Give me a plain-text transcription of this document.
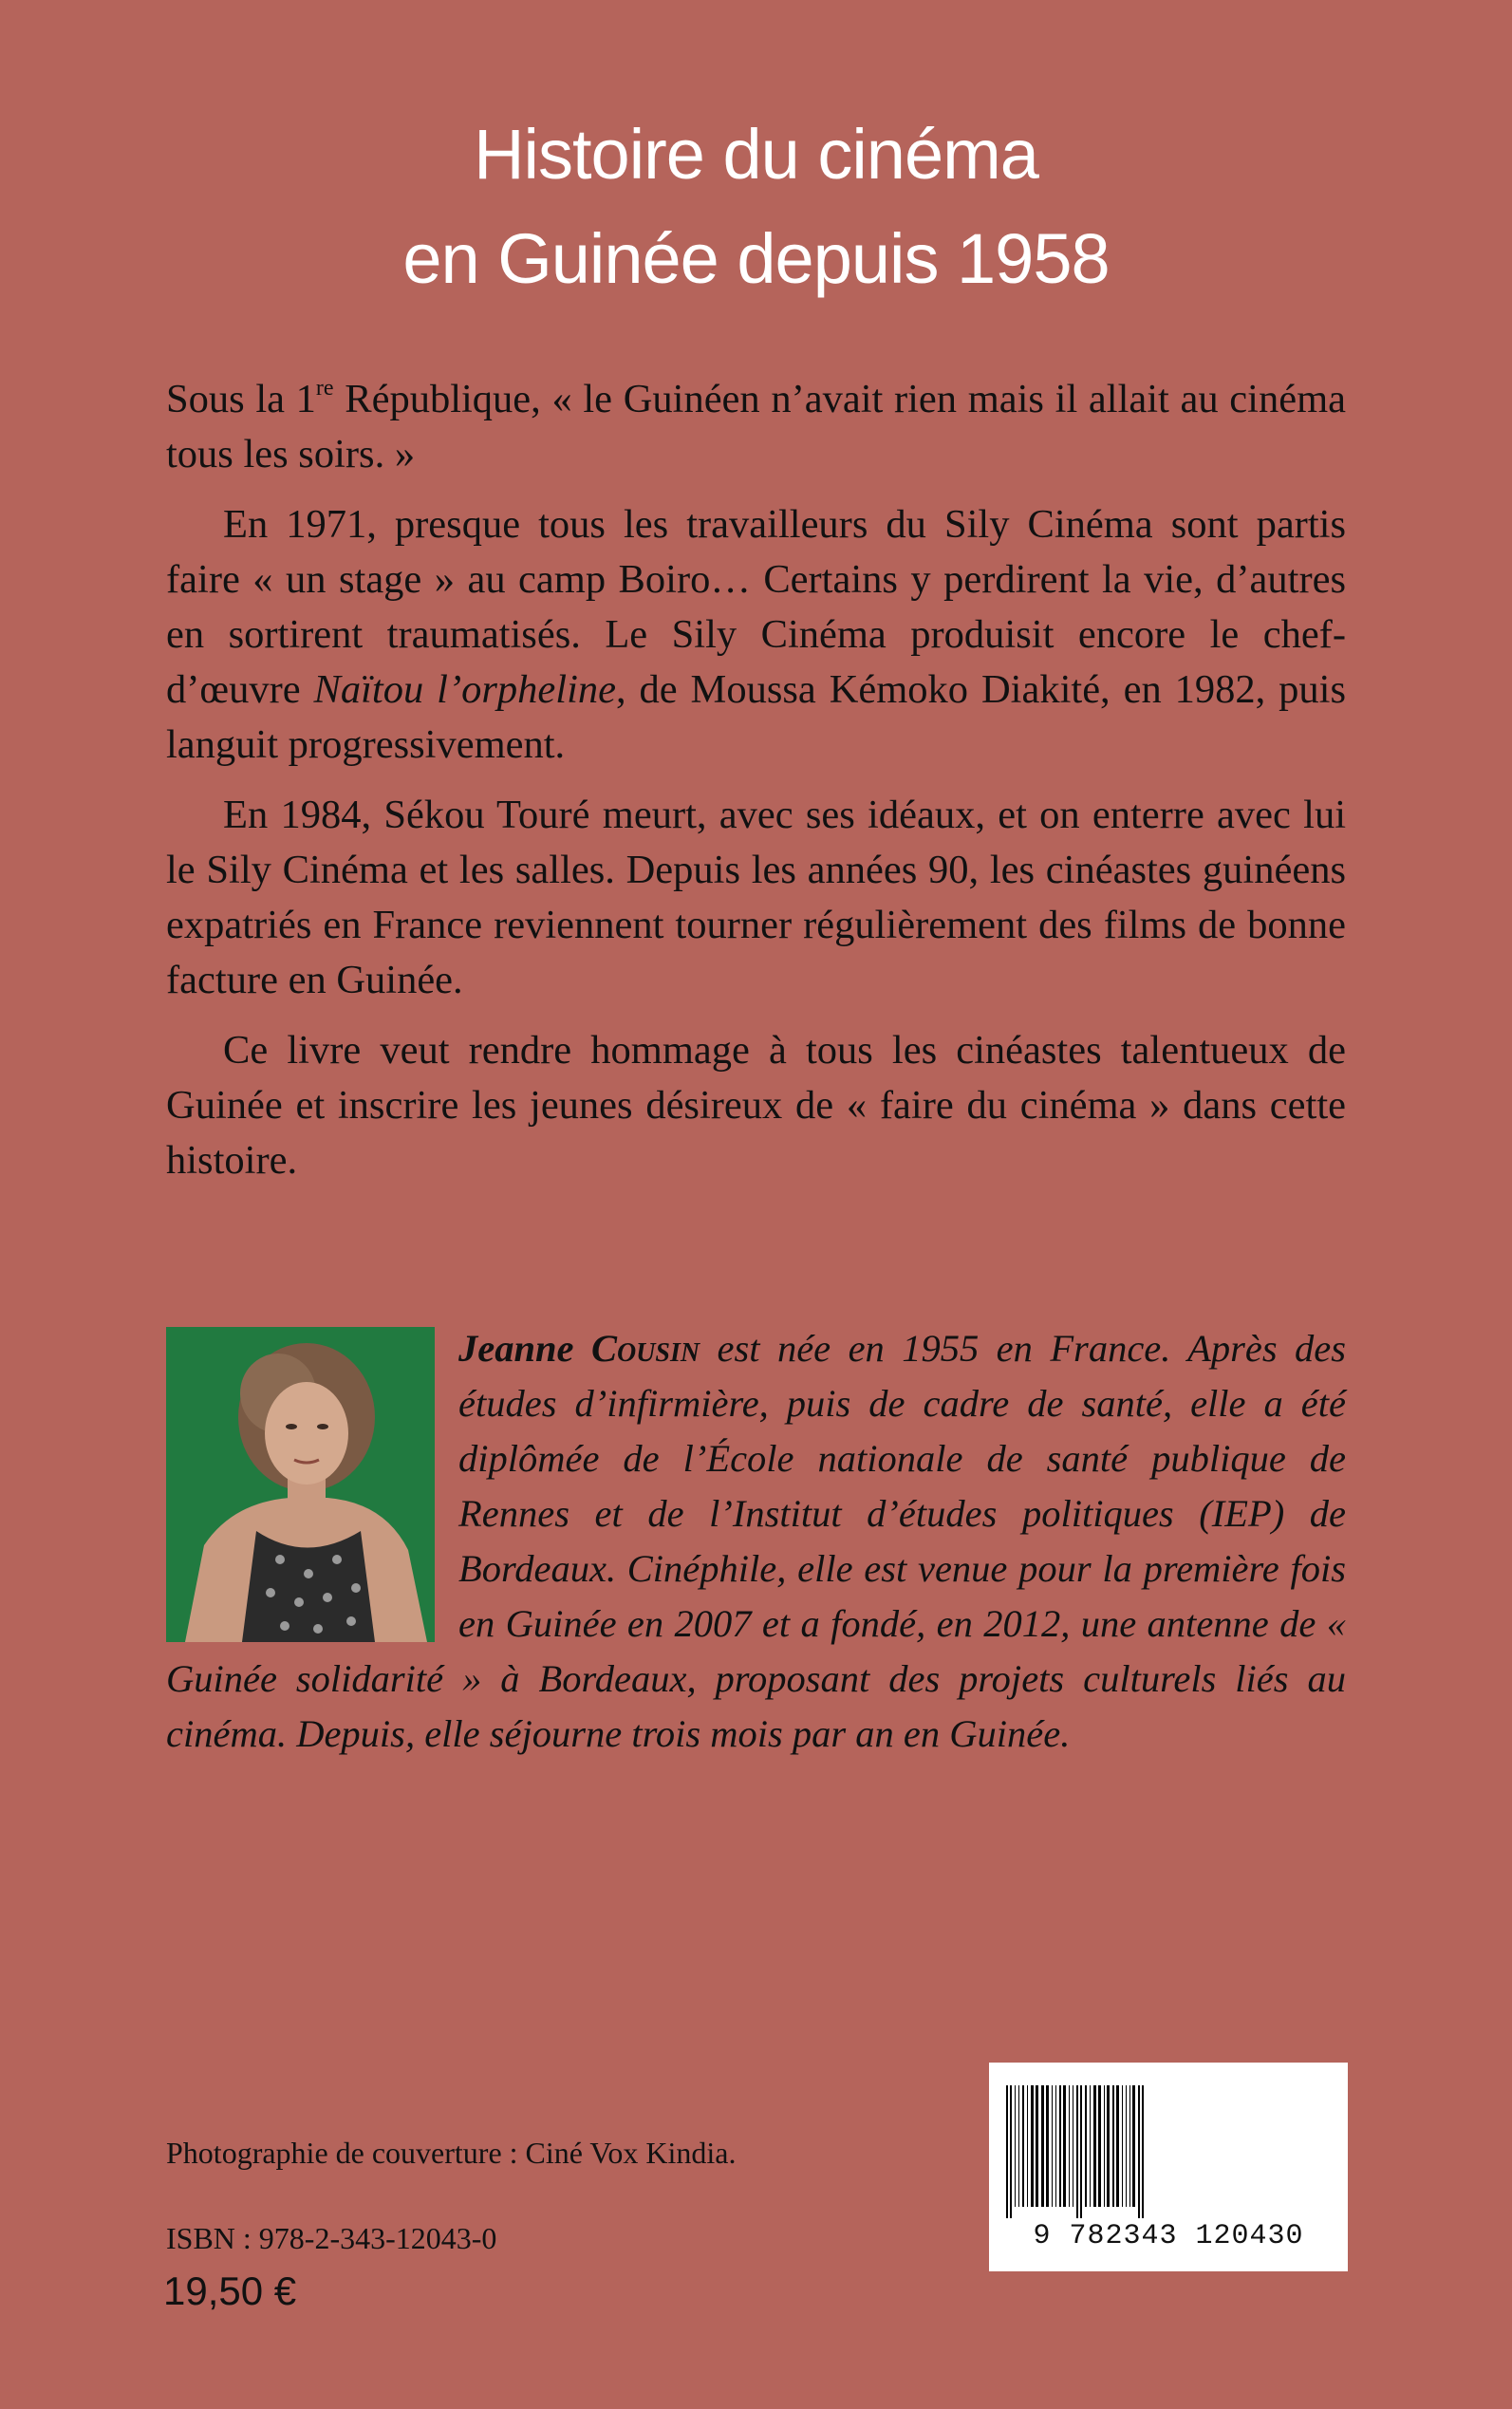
Histoire du cinéma
en Guinée depuis 1958

Sous la 1re République, « le Guinéen n’avait rien mais il allait au cinéma tous les soirs. »

En 1971, presque tous les travailleurs du Sily Cinéma sont partis faire « un stage » au camp Boiro… Certains y perdirent la vie, d’autres en sortirent traumatisés. Le Sily Cinéma produisit encore le chef-d’œuvre Naïtou l’orpheline, de Moussa Kémoko Diakité, en 1982, puis languit progressivement.

En 1984, Sékou Touré meurt, avec ses idéaux, et on enterre avec lui le Sily Cinéma et les salles. Depuis les années 90, les cinéastes guinéens expatriés en France reviennent tourner régulièrement des films de bonne facture en Guinée.

Ce livre veut rendre hommage à tous les cinéastes talentueux de Guinée et inscrire les jeunes désireux de « faire du cinéma » dans cette histoire.

Jeanne Cousin est née en 1955 en France. Après des études d’infirmière, puis de cadre de santé, elle a été diplômée de l’École nationale de santé publique de Rennes et de l’Institut d’études politiques (IEP) de Bordeaux. Cinéphile, elle est venue pour la première fois en Guinée en 2007 et a fondé, en 2012, une antenne de « Guinée solidarité » à Bordeaux, proposant des projets culturels liés au cinéma. Depuis, elle séjourne trois mois par an en Guinée.
Photographie de couverture : Ciné Vox Kindia.
ISBN : 978-2-343-12043-0
19,50 €
9 782343 120430
